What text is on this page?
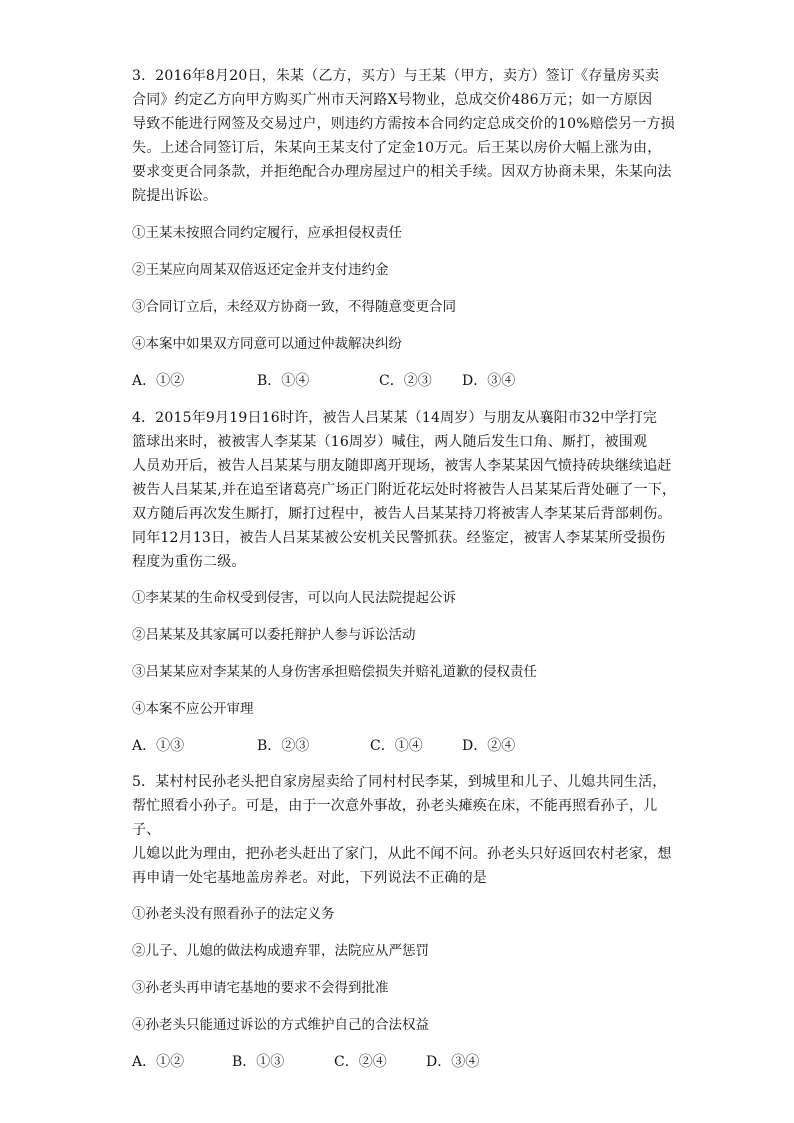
3．2016年8月20日，朱某（乙方，买方）与王某（甲方，卖方）签订《存量房买卖
合同》约定乙方向甲方购买广州市天河路X号物业，总成交价486万元；如一方原因
导致不能进行网签及交易过户，则违约方需按本合同约定总成交价的10%赔偿另一方损
失。上述合同签订后，朱某向王某支付了定金10万元。后王某以房价大幅上涨为由，
要求变更合同条款，并拒绝配合办理房屋过户的相关手续。因双方协商未果，朱某向法
院提出诉讼。

①王某未按照合同约定履行，应承担侵权责任

②王某应向周某双倍返还定金并支付违约金

③合同订立后，未经双方协商一致，不得随意变更合同

④本案中如果双方同意可以通过仲裁解决纠纷

A．①②	B．①④	C．②③	D．③④

4．2015年9月19日16时许，被告人吕某某（14周岁）与朋友从襄阳市32中学打完
篮球出来时，被被害人李某某（16周岁）喊住，两人随后发生口角、厮打，被围观
人员劝开后，被告人吕某某与朋友随即离开现场，被害人李某某因气愤持砖块继续追赶
被告人吕某某,并在追至诸葛亮广场正门附近花坛处时将被告人吕某某后背处砸了一下，
双方随后再次发生厮打，厮打过程中，被告人吕某某持刀将被害人李某某后背部刺伤。
同年12月13日，被告人吕某某被公安机关民警抓获。经鉴定，被害人李某某所受损伤
程度为重伤二级。

①李某某的生命权受到侵害，可以向人民法院提起公诉

②吕某某及其家属可以委托辩护人参与诉讼活动

③吕某某应对李某某的人身伤害承担赔偿损失并赔礼道歉的侵权责任

④本案不应公开审理

A．①③	B．②③	C．①④	D．②④

5．某村村民孙老头把自家房屋卖给了同村村民李某，到城里和儿子、儿媳共同生活，
帮忙照看小孙子。可是，由于一次意外事故，孙老头瘫痪在床，不能再照看孙子，儿子、
儿媳以此为理由，把孙老头赶出了家门，从此不闻不问。孙老头只好返回农村老家，想
再申请一处宅基地盖房养老。对此，下列说法不正确的是

①孙老头没有照看孙子的法定义务

②儿子、儿媳的做法构成遗弃罪，法院应从严惩罚

③孙老头再申请宅基地的要求不会得到批准

④孙老头只能通过诉讼的方式维护自己的合法权益

A．①②	B．①③	C．②④	D．③④
